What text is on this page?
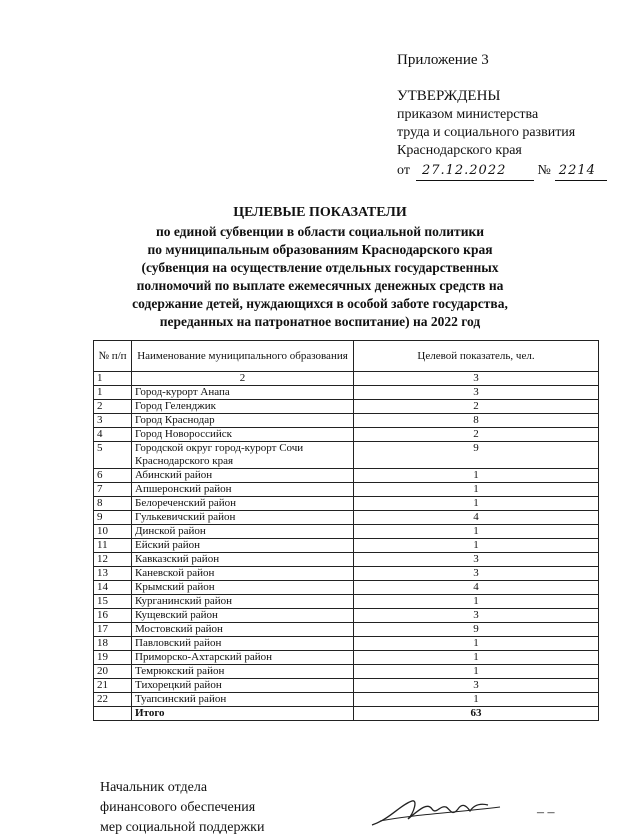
Приложение 3
УТВЕРЖДЕНЫ
приказом министерства
труда и социального развития
Краснодарского края
от 27.12.2022 № 2214
ЦЕЛЕВЫЕ ПОКАЗАТЕЛИ
по единой субвенции в области социальной политики
по муниципальным образованиям Краснодарского края
(субвенция на осуществление отдельных государственных
полномочий по выплате ежемесячных денежных средств на
содержание детей, нуждающихся в особой заботе государства,
переданных на патронатное воспитание) на 2022 год
№ п/п	Наименование муниципального образования	Целевой показатель, чел.
1	2	3
1	Город-курорт Анапа	3
2	Город Геленджик	2
3	Город Краснодар	8
4	Город Новороссийск	2
5	Городской округ город-курорт Сочи Краснодарского края	9
6	Абинский район	1
7	Апшеронский район	1
8	Белореченский район	1
9	Гулькевичский район	4
10	Динской район	1
11	Ейский район	1
12	Кавказский район	3
13	Каневской район	3
14	Крымский район	4
15	Курганинский район	1
16	Кущевский район	3
17	Мостовский район	9
18	Павловский район	1
19	Приморско-Ахтарский район	1
20	Темрюкский район	1
21	Тихорецкий район	3
22	Туапсинский район	1
	Итого	63
Начальник отдела
финансового обеспечения
мер социальной поддержки
– –
